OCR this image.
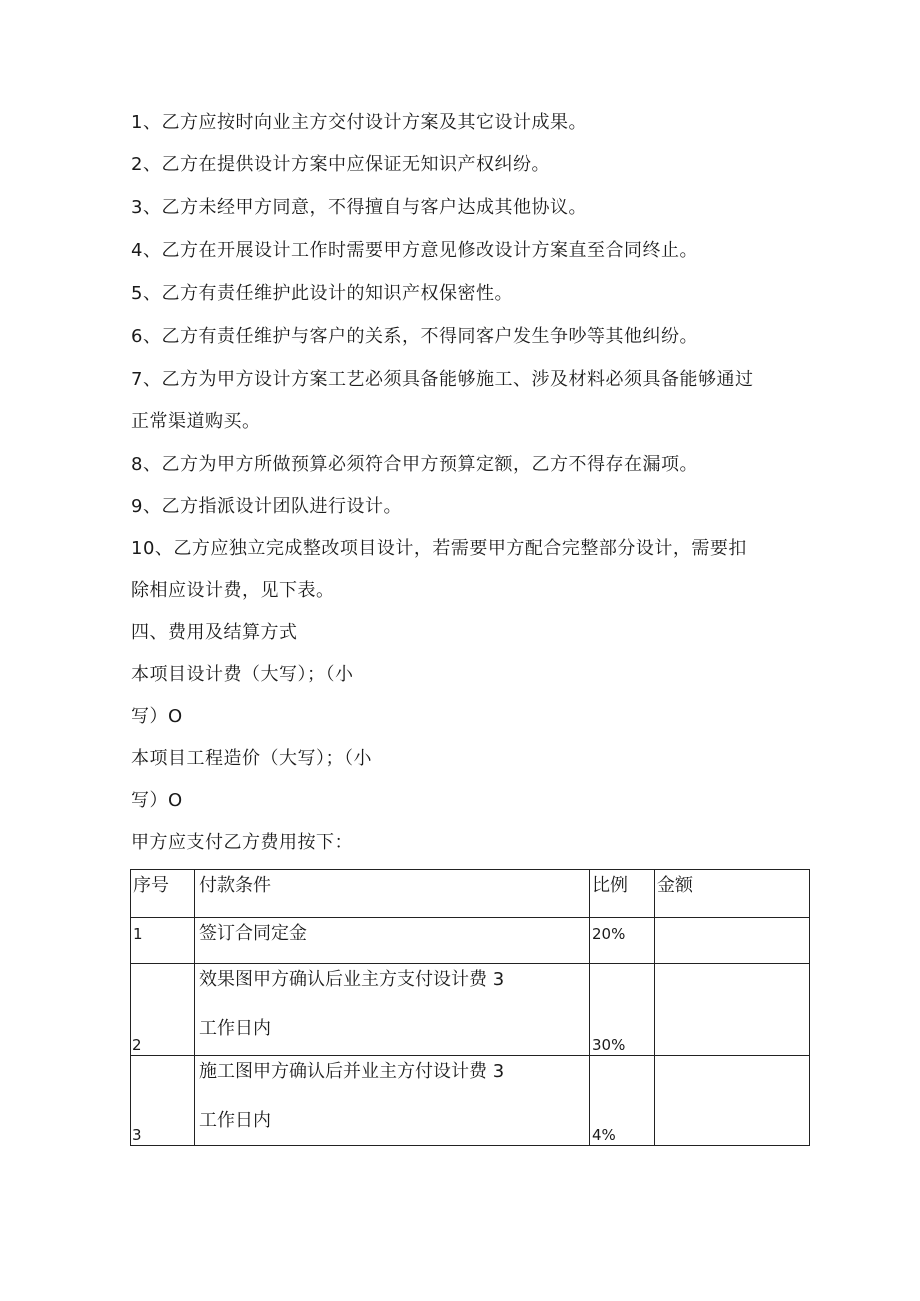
1、乙方应按时向业主方交付设计方案及其它设计成果。
2、乙方在提供设计方案中应保证无知识产权纠纷。
3、乙方未经甲方同意，不得擅自与客户达成其他协议。
4、乙方在开展设计工作时需要甲方意见修改设计方案直至合同终止。
5、乙方有责任维护此设计的知识产权保密性。
6、乙方有责任维护与客户的关系，不得同客户发生争吵等其他纠纷。
7、乙方为甲方设计方案工艺必须具备能够施工、涉及材料必须具备能够通过
正常渠道购买。
8、乙方为甲方所做预算必须符合甲方预算定额，乙方不得存在漏项。
9、乙方指派设计团队进行设计。
10、乙方应独立完成整改项目设计，若需要甲方配合完整部分设计，需要扣
除相应设计费，见下表。
四、费用及结算方式
本项目设计费（大写）；（小
写）O
本项目工程造价（大写）；（小
写）O
甲方应支付乙方费用按下：
序号	付款条件	比例	金额

1	签订合同定金	20%	

2	效果图甲方确认后业主方支付设计费 3
工作日内	30%	

3	施工图甲方确认后并业主方付设计费 3
工作日内	4%	
